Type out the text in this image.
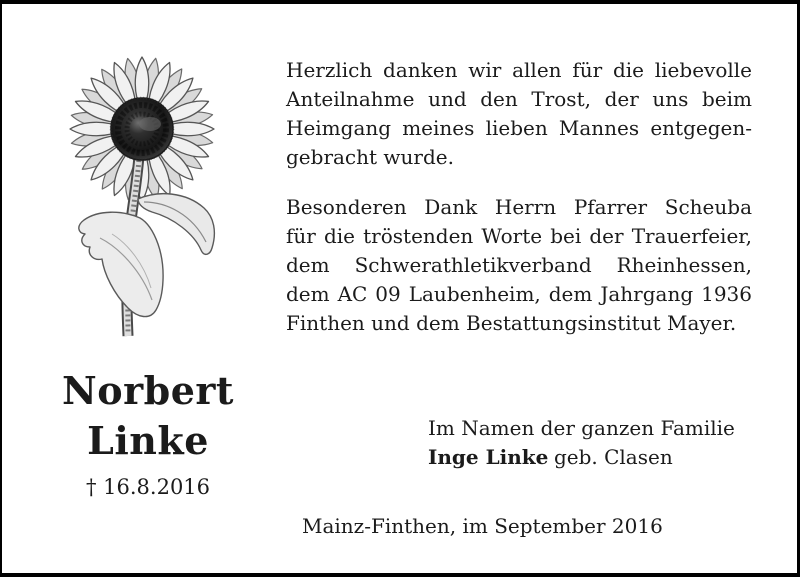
Herzlich danken wir allen für die liebevolle
Anteilnahme und den Trost, der uns beim
Heimgang meines lieben Mannes entgegen-
gebracht wurde.
Besonderen Dank Herrn Pfarrer Scheuba
für die tröstenden Worte bei der Trauerfeier,
dem Schwerathletikverband Rheinhessen,
dem AC 09 Laubenheim, dem Jahrgang 1936
Finthen und dem Bestattungsinstitut Mayer.
Norbert
Linke
† 16.8.2016
Im Namen der ganzen Familie
Inge Linke geb. Clasen
Mainz-Finthen, im September 2016
